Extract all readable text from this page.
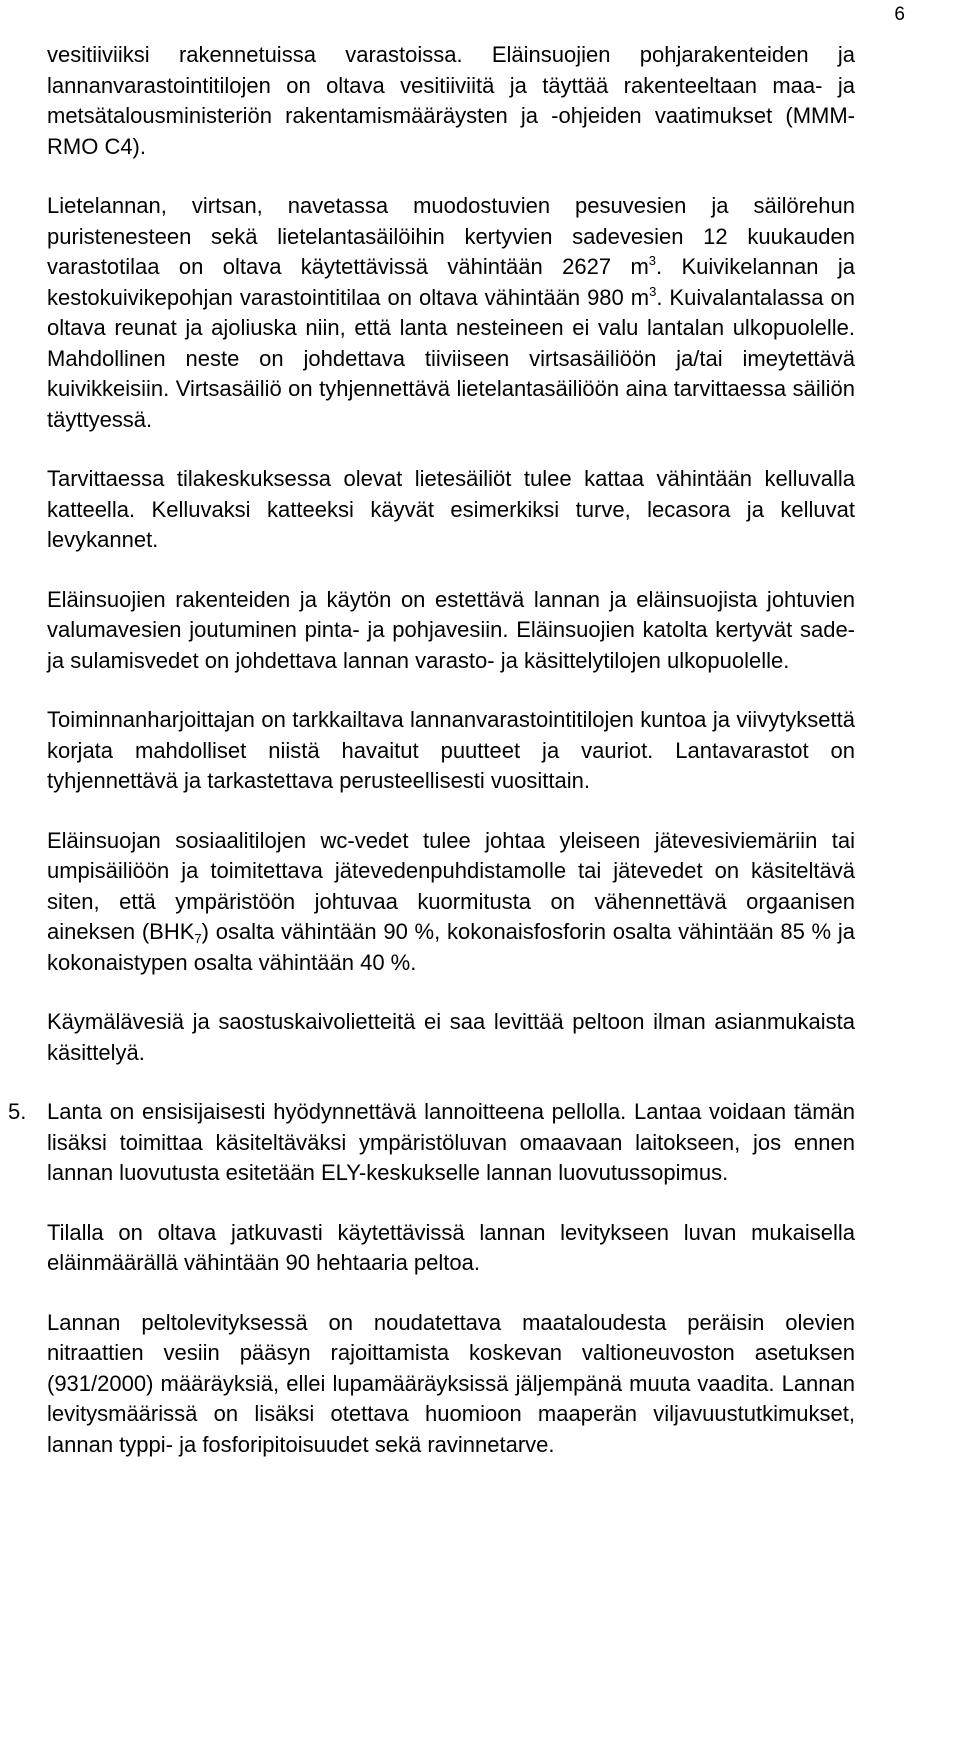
6

vesitiiviiksi rakennetuissa varastoissa. Eläinsuojien pohjarakenteiden ja lannanvarastointitilojen on oltava vesitiiviitä ja täyttää rakenteeltaan maa- ja metsätalousministeriön rakentamismääräysten ja -ohjeiden vaatimukset (MMM-RMO C4).

Lietelannan, virtsan, navetassa muodostuvien pesuvesien ja säilörehun puristenesteen sekä lietelantasäilöihin kertyvien sadevesien 12 kuukauden varastotilaa on oltava käytettävissä vähintään 2627 $m^3$. Kuivikelannan ja kestokuivikepohjan varastointitilaa on oltava vähintään 980 $m^3$. Kuivalantalassa on oltava reunat ja ajoliuska niin, että lanta nesteineen ei valu lantalan ulkopuolelle. Mahdollinen neste on johdettava tiiviiseen virtsasäiliöön ja/tai imeytettävä kuivikkeisiin. Virtsasäiliö on tyhjennettävä lietelantasäiliöön aina tarvittaessa säiliön täyttyessä.

Tarvittaessa tilakeskuksessa olevat lietesäiliöt tulee kattaa vähintään kelluvalla katteella. Kelluvaksi katteeksi käyvät esimerkiksi turve, lecasora ja kelluvat levykannet.

Eläinsuojien rakenteiden ja käytön on estettävä lannan ja eläinsuojista johtuvien valumavesien joutuminen pinta- ja pohjavesiin. Eläinsuojien katolta kertyvät sade- ja sulamisvedet on johdettava lannan varasto- ja käsittelytilojen ulkopuolelle.

Toiminnanharjoittajan on tarkkailtava lannanvarastointitilojen kuntoa ja viivytyksettä korjata mahdolliset niistä havaitut puutteet ja vauriot. Lantavarastot on tyhjennettävä ja tarkastettava perusteellisesti vuosittain.

Eläinsuojan sosiaalitilojen wc-vedet tulee johtaa yleiseen jätevesiviemäriin tai umpisäiliöön ja toimitettava jätevedenpuhdistamolle tai jätevedet on käsiteltävä siten, että ympäristöön johtuvaa kuormitusta on vähennettävä orgaanisen aineksen $(BHK_7)$ osalta vähintään 90 %, kokonaisfosforin osalta vähintään 85 % ja kokonaistypen osalta vähintään 40 %.

Käymälävesiä ja saostuskaivolietteitä ei saa levittää peltoon ilman asianmukaista käsittelyä.

5. Lanta on ensisijaisesti hyödynnettävä lannoitteena pellolla. Lantaa voidaan tämän lisäksi toimittaa käsiteltäväksi ympäristöluvan omaavaan laitokseen, jos ennen lannan luovutusta esitetään ELY-keskukselle lannan luovutussopimus.

Tilalla on oltava jatkuvasti käytettävissä lannan levitykseen luvan mukaisella eläinmäärällä vähintään 90 hehtaaria peltoa.

Lannan peltolevityksessä on noudatettava maataloudesta peräisin olevien nitraattien vesiin pääsyn rajoittamista koskevan valtioneuvoston asetuksen (931/2000) määräyksiä, ellei lupamääräyksissä jäljempänä muuta vaadita. Lannan levitysmäärissä on lisäksi otettava huomioon maaperän viljavuustutkimukset, lannan typpi- ja fosforipitoisuudet sekä ravinnetarve.
